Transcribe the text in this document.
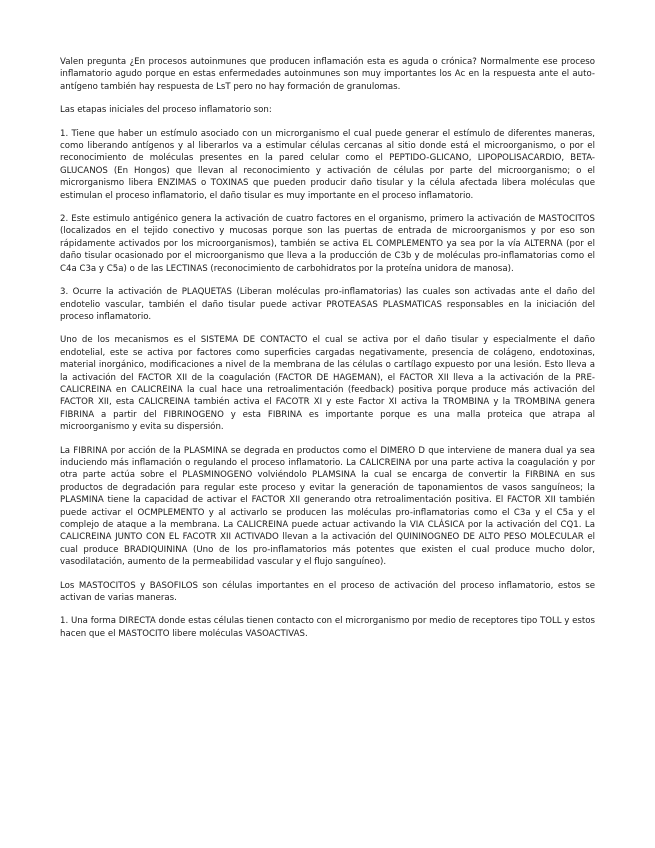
Valen pregunta ¿En procesos autoinmunes que producen inflamación esta es aguda o crónica? Normalmente ese proceso inflamatorio agudo porque en estas enfermedades autoinmunes son muy importantes los Ac en la respuesta ante el auto-antígeno también hay respuesta de LsT pero no hay formación de granulomas.

Las etapas iniciales del proceso inflamatorio son:

1. Tiene que haber un estímulo asociado con un microrganismo el cual puede generar el estímulo de diferentes maneras, como liberando antígenos y al liberarlos va a estimular células cercanas al sitio donde está el microorganismo, o por el reconocimiento de moléculas presentes en la pared celular como el PEPTIDO-GLICANO, LIPOPOLISACARDIO, BETA-GLUCANOS (En Hongos) que llevan al reconocimiento y activación de células por parte del microorganismo; o el microrganismo libera ENZIMAS o TOXINAS que pueden producir daño tisular y la célula afectada libera moléculas que estimulan el proceso inflamatorio, el daño tisular es muy importante en el proceso inflamatorio.

2. Este estimulo antigénico genera la activación de cuatro factores en el organismo, primero la activación de MASTOCITOS (localizados en el tejido conectivo y mucosas porque son las puertas de entrada de microorganismos y por eso son rápidamente activados por los microorganismos), también se activa EL COMPLEMENTO ya sea por la vía ALTERNA (por el daño tisular ocasionado por el microorganismo que lleva a la producción de C3b y de moléculas pro-inflamatorias como el C4a C3a y C5a) o de las LECTINAS (reconocimiento de carbohidratos por la proteína unidora de manosa).

3. Ocurre la activación de PLAQUETAS (Liberan moléculas pro-inflamatorias) las cuales son activadas ante el daño del endotelio vascular, también el daño tisular puede activar PROTEASAS PLASMATICAS responsables en la iniciación del proceso inflamatorio.

Uno de los mecanismos es el SISTEMA DE CONTACTO el cual se activa por el daño tisular y especialmente el daño endotelial, este se activa por factores como superficies cargadas negativamente, presencia de colágeno, endotoxinas, material inorgánico, modificaciones a nivel de la membrana de las células o cartílago expuesto por una lesión. Esto lleva a la activación del FACTOR XII de la coagulación (FACTOR DE HAGEMAN), el FACTOR XII lleva a la activación de la PRE-CALICREINA en CALICREINA la cual hace una retroalimentación (feedback) positiva porque produce más activación del FACTOR XII, esta CALICREINA también activa el FACOTR XI y este Factor XI activa la TROMBINA y la TROMBINA genera FIBRINA a partir del FIBRINOGENO y esta FIBRINA es importante porque es una malla proteica que atrapa al microorganismo y evita su dispersión.

La FIBRINA por acción de la PLASMINA se degrada en productos como el DIMERO D que interviene de manera dual ya sea induciendo más inflamación o regulando el proceso inflamatorio. La CALICREINA por una parte activa la coagulación y por otra parte actúa sobre el PLASMINOGENO volviéndolo PLAMSINA la cual se encarga de convertir la FIRBINA en sus productos de degradación para regular este proceso y evitar la generación de taponamientos de vasos sanguíneos; la PLASMINA tiene la capacidad de activar el FACTOR XII generando otra retroalimentación positiva. El FACTOR XII también puede activar el OCMPLEMENTO y al activarlo se producen las moléculas pro-inflamatorias como el C3a y el C5a y el complejo de ataque a la membrana. La CALICREINA puede actuar activando la VIA CLÁSICA por la activación del CQ1. La CALICREINA JUNTO CON EL FACOTR XII ACTIVADO llevan a la activación del QUININOGNEO DE ALTO PESO MOLECULAR el cual produce BRADIQUININA (Uno de los pro-inflamatorios más potentes que existen el cual produce mucho dolor, vasodilatación, aumento de la permeabilidad vascular y el flujo sanguíneo).

Los MASTOCITOS y BASOFILOS son células importantes en el proceso de activación del proceso inflamatorio, estos se activan de varias maneras.

1. Una forma DIRECTA donde estas células tienen contacto con el microrganismo por medio de receptores tipo TOLL y estos hacen que el MASTOCITO libere moléculas VASOACTIVAS.
